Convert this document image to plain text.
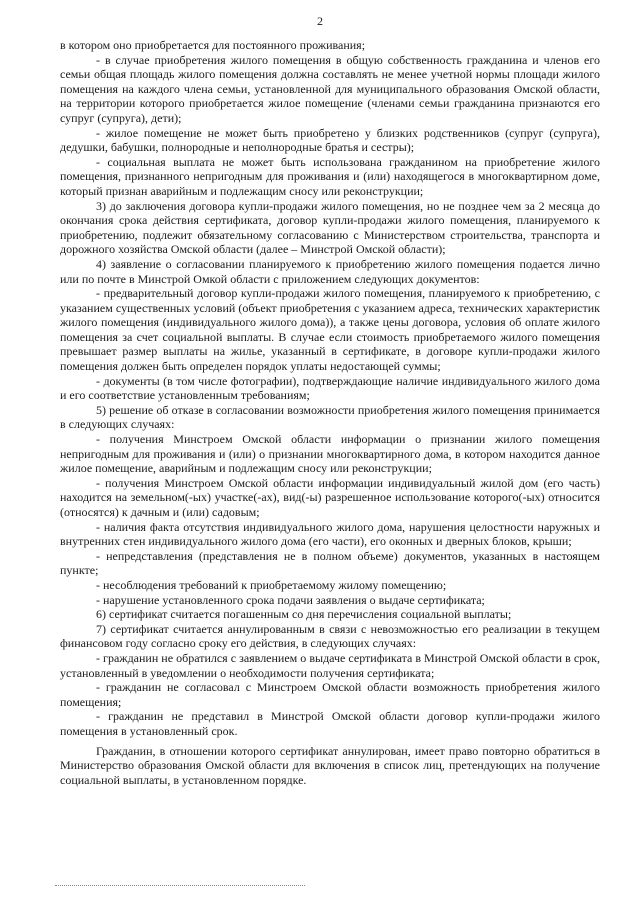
2

в котором оно приобретается для постоянного проживания;

- в случае приобретения жилого помещения в общую собственность гражданина и членов его семьи общая площадь жилого помещения должна составлять не менее учетной нормы площади жилого помещения на каждого члена семьи, установленной для муниципального образования Омской области, на территории которого приобретается жилое помещение (членами семьи гражданина признаются его супруг (супруга), дети);

- жилое помещение не может быть приобретено у близких родственников (супруг (супруга), дедушки, бабушки, полнородные и неполнородные братья и сестры);

- социальная выплата не может быть использована гражданином на приобретение жилого помещения, признанного непригодным для проживания и (или) находящегося в многоквартирном доме, который признан аварийным и подлежащим сносу или реконструкции;

3) до заключения договора купли-продажи жилого помещения, но не позднее чем за 2 месяца до окончания срока действия сертификата, договор купли-продажи жилого помещения, планируемого к приобретению, подлежит обязательному согласованию с Министерством строительства, транспорта и дорожного хозяйства Омской области (далее – Минстрой Омской области);

4) заявление о согласовании планируемого к приобретению жилого помещения подается лично или по почте в Минстрой Омкой области с приложением следующих документов:

- предварительный договор купли-продажи жилого помещения, планируемого к приобретению, с указанием существенных условий (объект приобретения с указанием адреса, технических характеристик жилого помещения (индивидуального жилого дома)), а также цены договора, условия об оплате жилого помещения за счет социальной выплаты. В случае если стоимость приобретаемого жилого помещения превышает размер выплаты на жилье, указанный в сертификате, в договоре купли-продажи жилого помещения должен быть определен порядок уплаты недостающей суммы;

- документы (в том числе фотографии), подтверждающие наличие индивидуального жилого дома и его соответствие установленным требованиям;

5) решение об отказе в согласовании возможности приобретения жилого помещения принимается в следующих случаях:

- получения Минстроем Омской области информации о признании жилого помещения непригодным для проживания и (или) о признании многоквартирного дома, в котором находится данное жилое помещение, аварийным и подлежащим сносу или реконструкции;

- получения Минстроем Омской области информации индивидуальный жилой дом (его часть) находится на земельном(-ых) участке(-ах), вид(-ы) разрешенное использование которого(-ых) относится (относятся) к дачным и (или) садовым;

- наличия факта отсутствия индивидуального жилого дома, нарушения целостности наружных и внутренних стен индивидуального жилого дома (его части), его оконных и дверных блоков, крыши;

- непредставления (представления не в полном объеме) документов, указанных в настоящем пункте;

- несоблюдения требований к приобретаемому жилому помещению;

- нарушение установленного срока подачи заявления о выдаче сертификата;

6) сертификат считается погашенным со дня перечисления социальной выплаты;

7) сертификат считается аннулированным в связи с невозможностью его реализации в текущем финансовом году согласно сроку его действия, в следующих случаях:

- гражданин не обратился с заявлением о выдаче сертификата в Минстрой Омской области в срок, установленный в уведомлении о необходимости получения сертификата;

- гражданин не согласовал с Минстроем Омской области возможность приобретения жилого помещения;

- гражданин не представил в Минстрой Омской области договор купли-продажи жилого помещения в установленный срок.

Гражданин, в отношении которого сертификат аннулирован, имеет право повторно обратиться в Министерство образования Омской области для включения в список лиц, претендующих на получение социальной выплаты, в установленном порядке.
